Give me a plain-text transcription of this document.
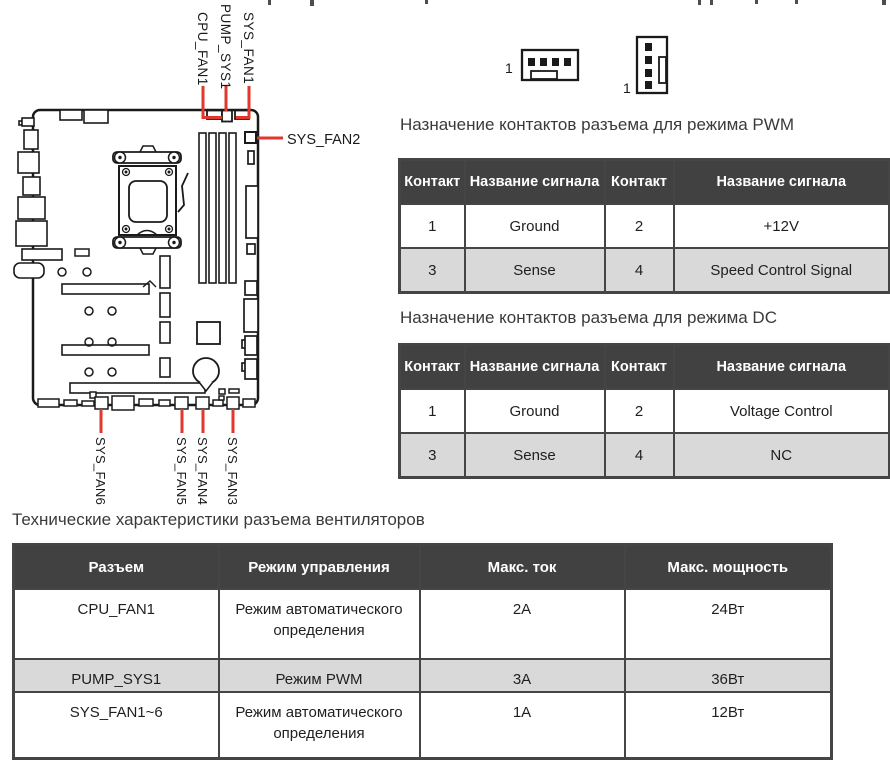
CPU_FAN1 PUMP_SYS1 SYS_FAN1
SYS_FAN2
SYS_FAN6	SYS_FAN5 SYS_FAN4 SYS_FAN3
1
1
Назначение контактов разъема для режима PWM
Контакт	Название сигнала	Контакт	Название сигнала
1	Ground	2	+12V
3	Sense	4	Speed Control Signal
Назначение контактов разъема для режима DC
Контакт	Название сигнала	Контакт	Название сигнала
1	Ground	2	Voltage Control
3	Sense	4	NC
Технические характеристики разъема вентиляторов
Разъем	Режим управления	Макс. ток	Макс. мощность
CPU_FAN1	Режим автоматического определения	2A	24Вт
PUMP_SYS1	Режим PWM	3A	36Вт
SYS_FAN1~6	Режим автоматического определения	1A	12Вт
